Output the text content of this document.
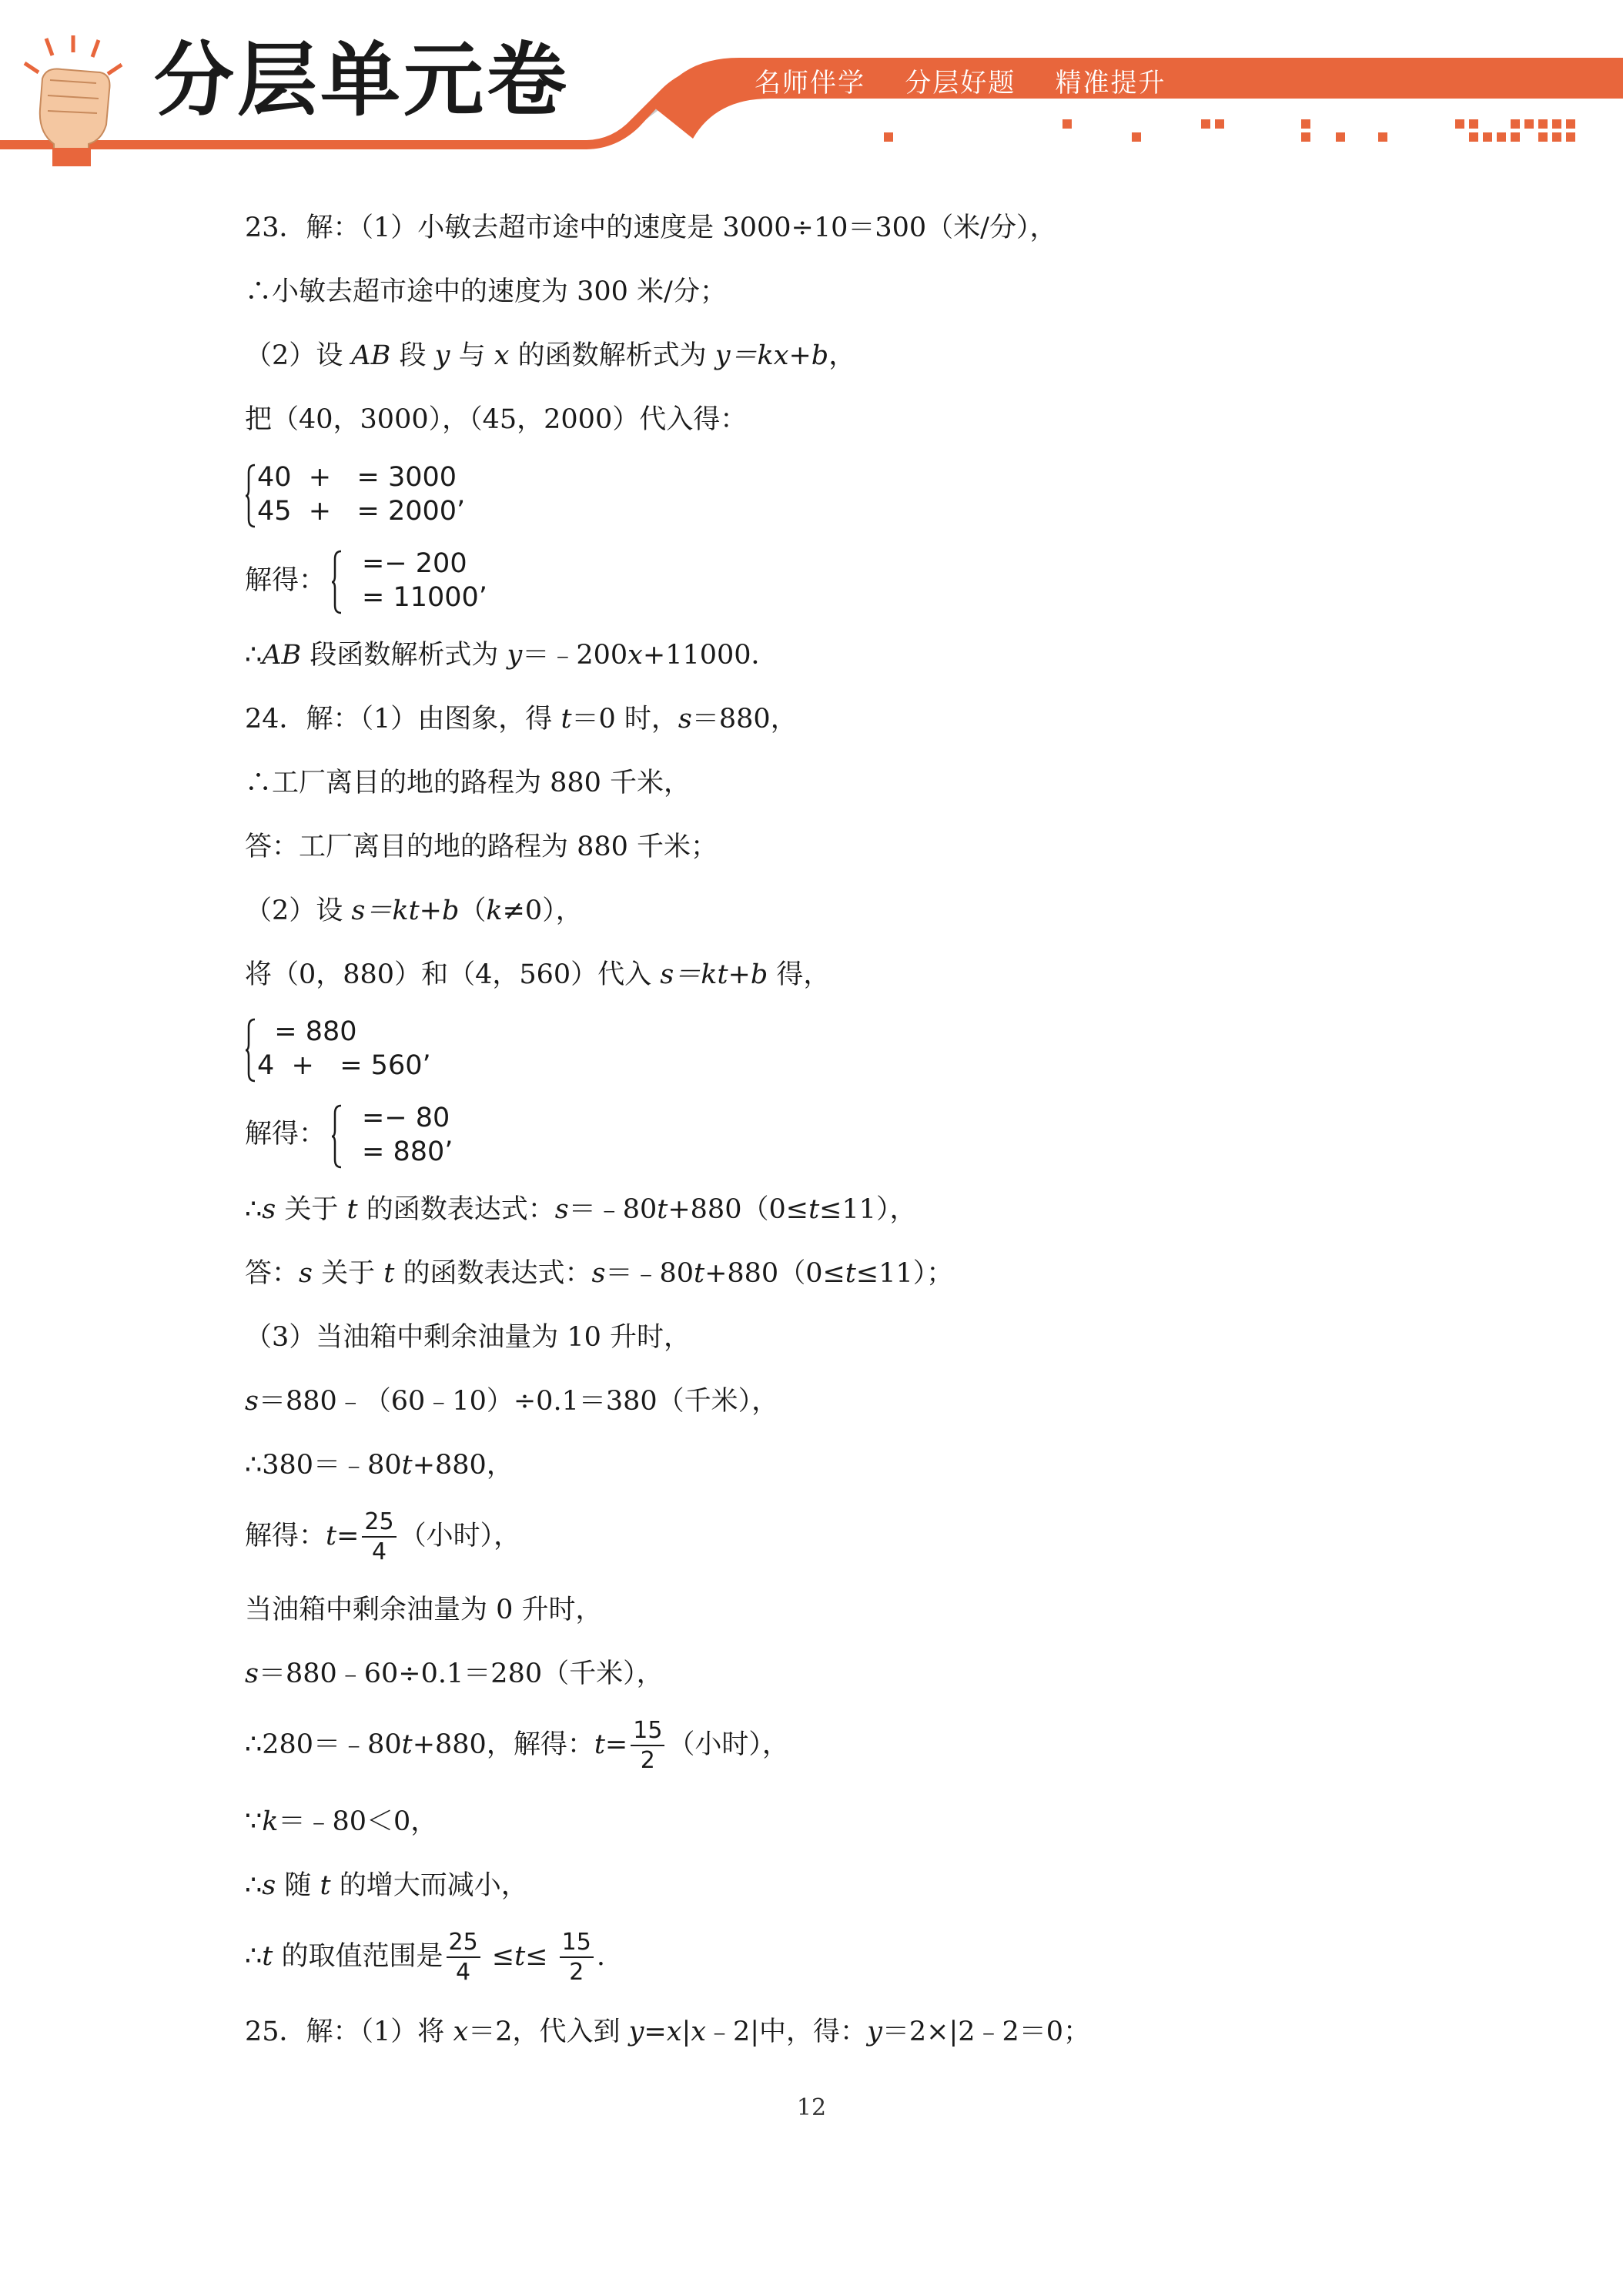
名师伴学    分层好题    精准提升
分层单元卷
23．解：（1）小敏去超市途中的速度是 3000÷10＝300（米/分），
∴小敏去超市途中的速度为 300 米/分；
（2）设 AB 段 y 与 x 的函数解析式为 y＝kx+b，
把（40，3000），（45，2000）代入得：
40  +   = 3000
45  +   = 2000’
解得：
=− 200
= 11000’
∴AB 段函数解析式为 y＝﹣200x+11000．
24．解：（1）由图象，得 t＝0 时，s＝880，
∴工厂离目的地的路程为 880 千米，
答：工厂离目的地的路程为 880 千米；
（2）设 s＝kt+b（k≠0），
将（0，880）和（4，560）代入 s＝kt+b 得，
= 880
4  +   = 560’
解得：
=− 80
= 880’
∴s 关于 t 的函数表达式：s＝﹣80t+880（0≤t≤11），
答：s 关于 t 的函数表达式：s＝﹣80t+880（0≤t≤11）；
（3）当油箱中剩余油量为 10 升时，
s＝880﹣（60﹣10）÷0.1＝380（千米），
∴380＝﹣80t+880，
解得：$t= \frac{25}{4}$ （小时），
当油箱中剩余油量为 0 升时，
s＝880﹣60÷0.1＝280（千米），
∴280＝﹣80t+880，解得：$t= \frac{15}{2}$ （小时），
∵k＝﹣80＜0，
∴s 随 t 的增大而减小，
∴t 的取值范围是 $\frac{25}{4} \le t\le \frac{15}{2}$ .
25．解：（1）将 x＝2，代入到 y=x|x﹣2|中，得：y＝2×|2﹣2＝0；
12
